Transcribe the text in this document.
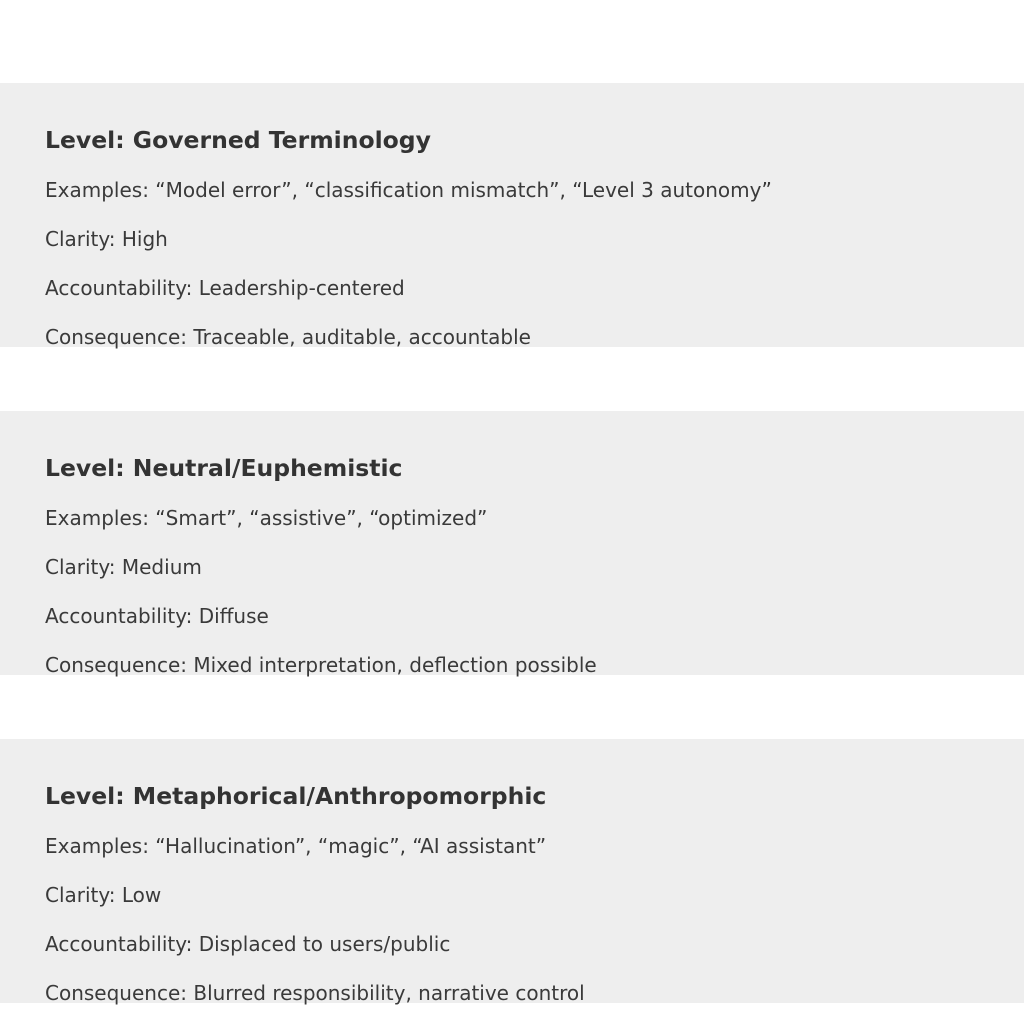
Level: Governed Terminology
Examples: “Model error”, “classification mismatch”, “Level 3 autonomy”
Clarity: High
Accountability: Leadership-centered
Consequence: Traceable, auditable, accountable
Level: Neutral/Euphemistic
Examples: “Smart”, “assistive”, “optimized”
Clarity: Medium
Accountability: Diffuse
Consequence: Mixed interpretation, deflection possible
Level: Metaphorical/Anthropomorphic
Examples: “Hallucination”, “magic”, “AI assistant”
Clarity: Low
Accountability: Displaced to users/public
Consequence: Blurred responsibility, narrative control
